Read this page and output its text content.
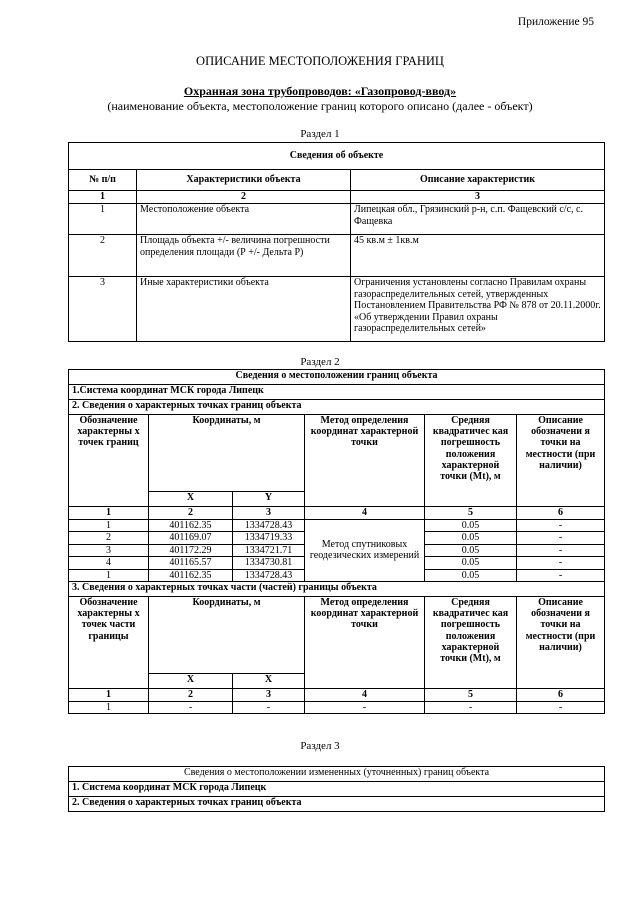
Приложение 95
ОПИСАНИЕ МЕСТОПОЛОЖЕНИЯ ГРАНИЦ
Охранная зона трубопроводов: «Газопровод-ввод»
(наименование объекта, местоположение границ которого описано (далее - объект)
Раздел 1
Сведения об объекте		
№ п/п	Характеристики объекта	Описание характеристик
1	2	3
1	Местоположение объекта	Липецкая обл., Грязинский р-н, с.п. Фащевский с/с, с. Фащевка
2	Площадь объекта +/- величина погрешности определения площади (Р +/- Дельта Р)	45 кв.м ± 1кв.м
3	Иные характеристики объекта	Ограничения установлены согласно Правилам охраны газораспределительных сетей, утвержденных Постановлением Правительства РФ № 878 от 20.11.2000г. «Об утверждении Правил охраны газораспределительных сетей»
Раздел 2
Сведения о местоположении границ объекта					
1.Система координат МСК города Липецк					
2. Сведения о характерных точках границ объекта					
Обозначение характерны х точек границ	Координаты, м		Метод определения координат характерной точки	Средняя квадратичес кая погрешность положения характерной точки (Мt), м	Описание обозначени я точки на местности (при наличии)
	X	Y			
1	2	3	4	5	6
1	401162.35	1334728.43	Метод спутниковых геодезических измерений	0.05	-
2	401169.07	1334719.33		0.05	-
3	401172.29	1334721.71		0.05	-
4	401165.57	1334730.81		0.05	-
1	401162.35	1334728.43		0.05	-
3. Сведения о характерных точках части (частей) границы объекта					
Обозначение характерны х точек части границы	Координаты, м		Метод определения координат характерной точки	Средняя квадратичес кая погрешность положения характерной точки (Мt), м	Описание обозначени я точки на местности (при наличии)
	X	X			
1	2	3	4	5	6
1	-	-	-	-	-
Раздел 3
Сведения о местоположении измененных (уточненных) границ объекта
1. Система координат МСК города Липецк
2. Сведения о характерных точках границ объекта
